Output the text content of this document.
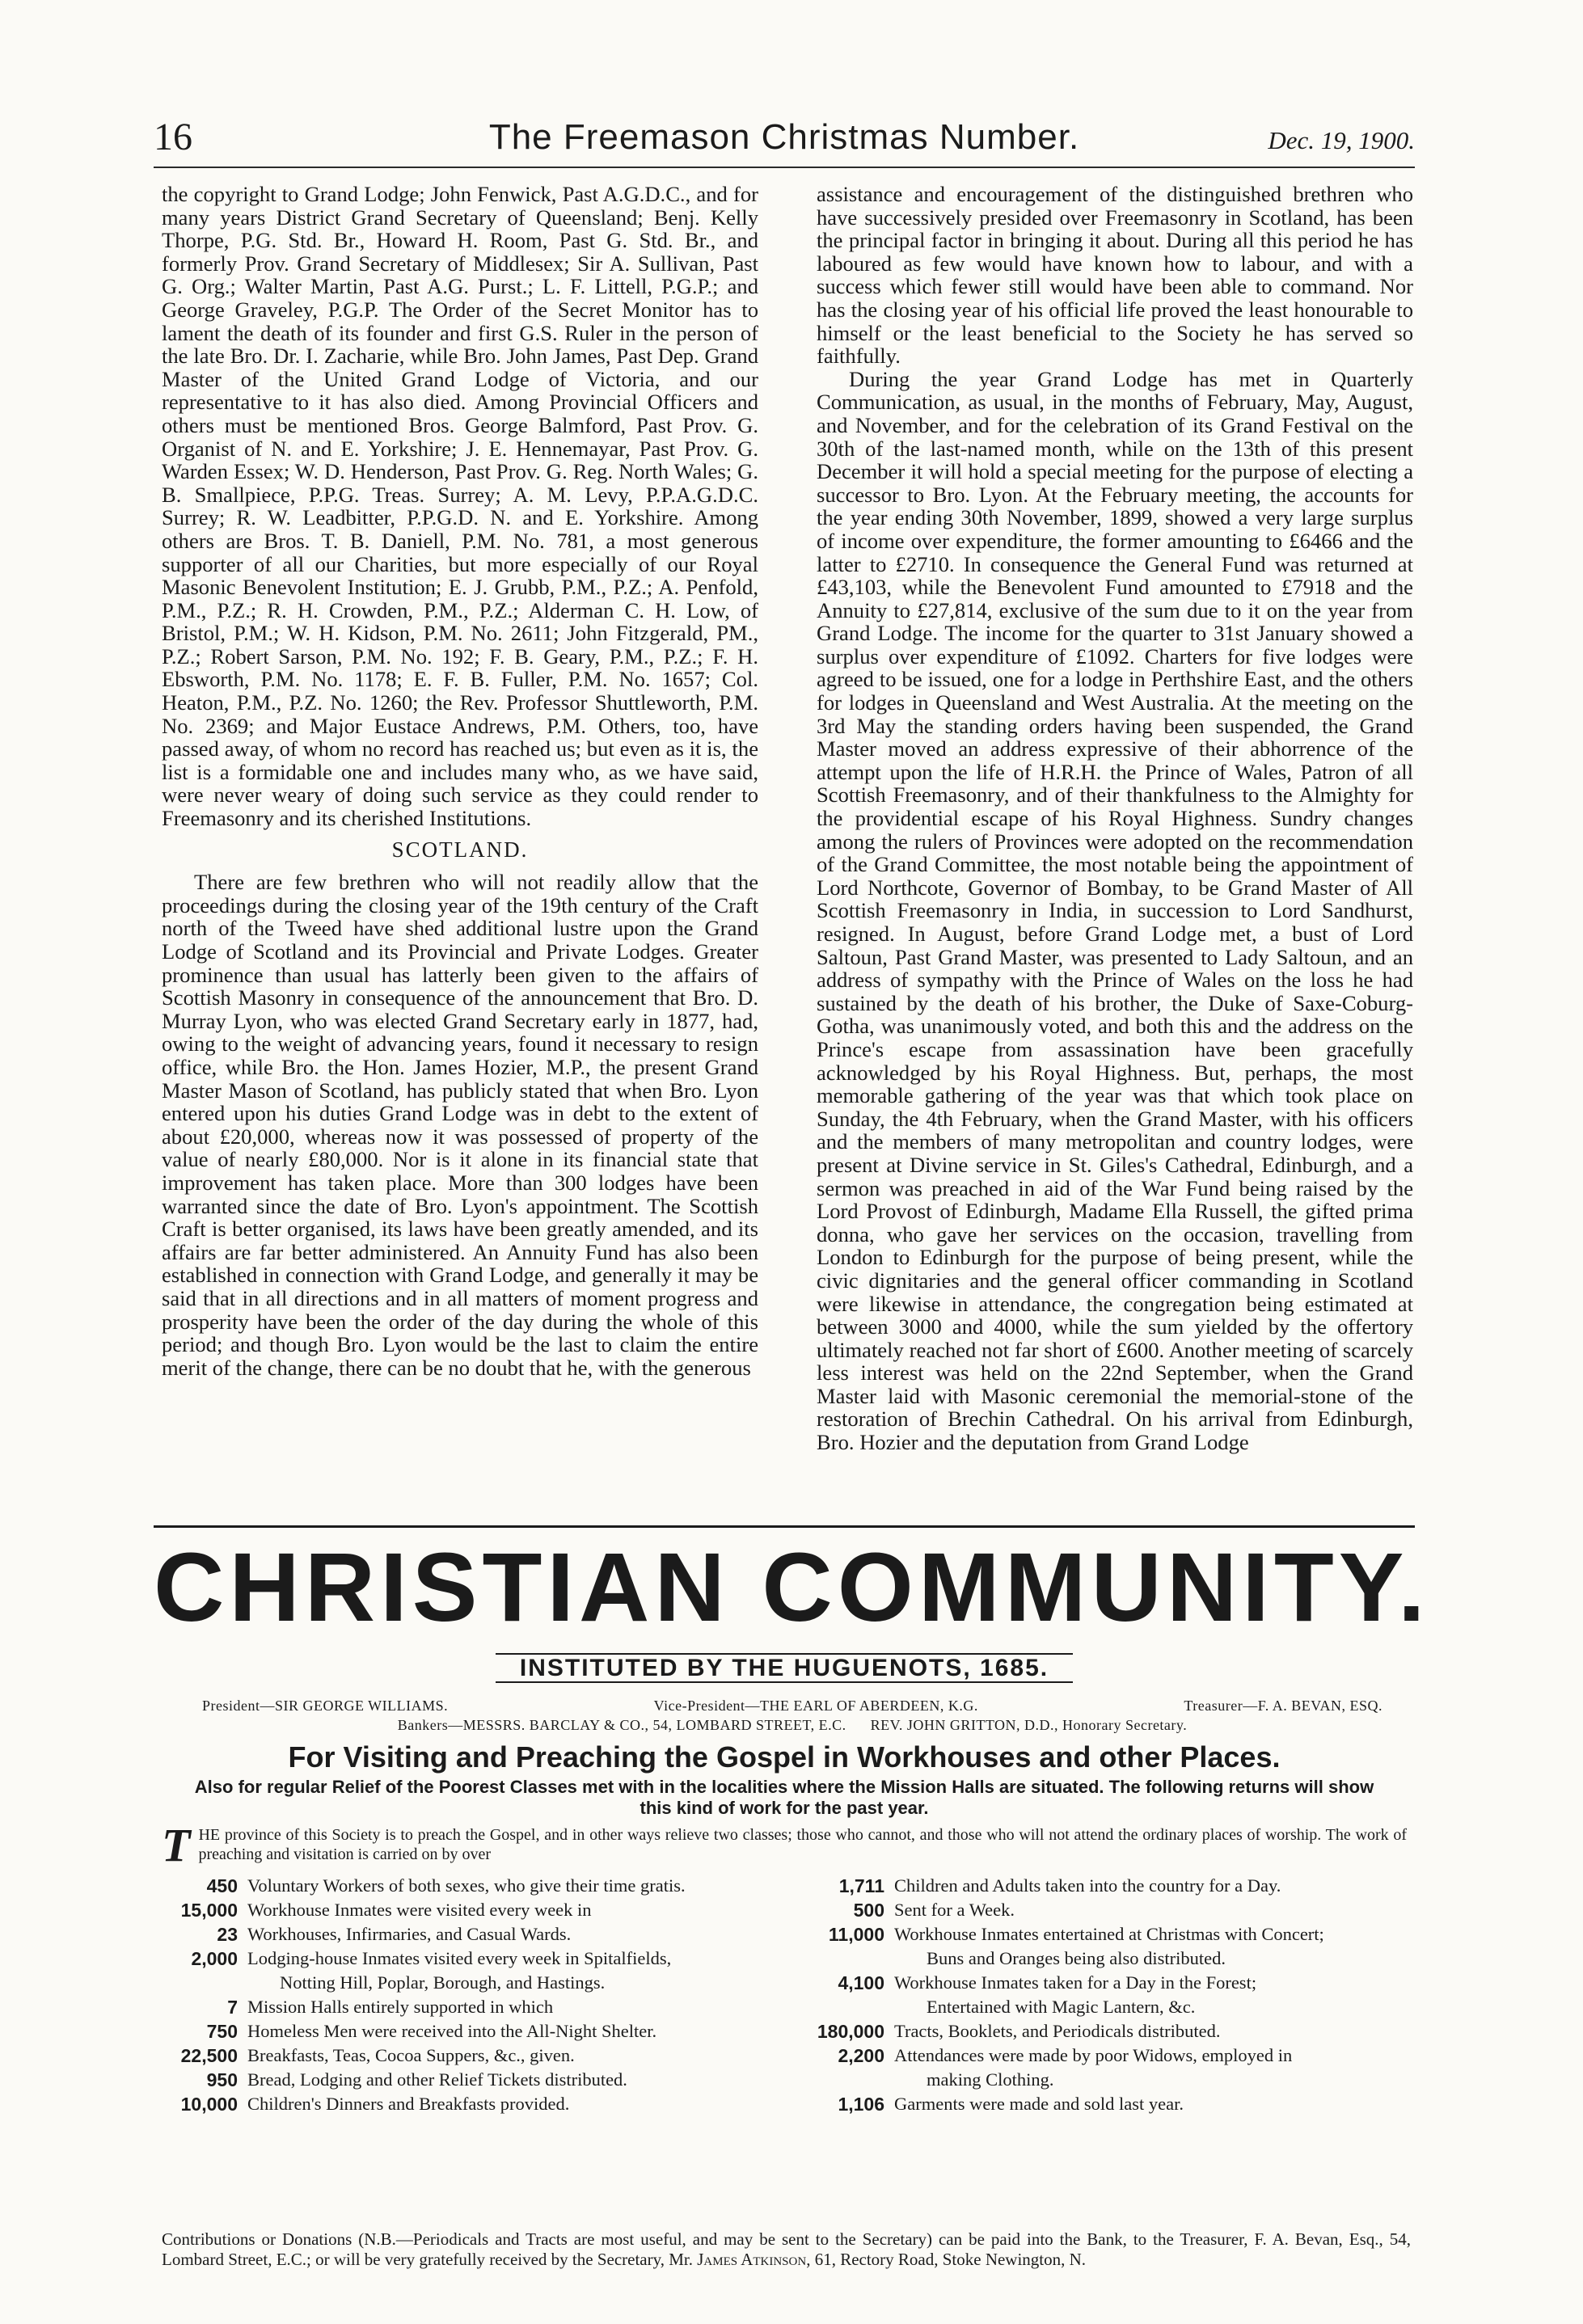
16	The Freemason Christmas Number.	Dec. 19, 1900.

the copyright to Grand Lodge; John Fenwick, Past A.G.D.C., and for many years District Grand Secretary of Queensland; Benj. Kelly Thorpe, P.G. Std. Br., Howard H. Room, Past G. Std. Br., and formerly Prov. Grand Secretary of Middlesex; Sir A. Sullivan, Past G. Org.; Walter Martin, Past A.G. Purst.; L. F. Littell, P.G.P.; and George Graveley, P.G.P. The Order of the Secret Monitor has to lament the death of its founder and first G.S. Ruler in the person of the late Bro. Dr. I. Zacharie, while Bro. John James, Past Dep. Grand Master of the United Grand Lodge of Victoria, and our representative to it has also died. Among Provincial Officers and others must be mentioned Bros. George Balmford, Past Prov. G. Organist of N. and E. Yorkshire; J. E. Hennemayar, Past Prov. G. Warden Essex; W. D. Henderson, Past Prov. G. Reg. North Wales; G. B. Smallpiece, P.P.G. Treas. Surrey; A. M. Levy, P.P.A.G.D.C. Surrey; R. W. Leadbitter, P.P.G.D. N. and E. Yorkshire. Among others are Bros. T. B. Daniell, P.M. No. 781, a most generous supporter of all our Charities, but more especially of our Royal Masonic Benevolent Institution; E. J. Grubb, P.M., P.Z.; A. Penfold, P.M., P.Z.; R. H. Crowden, P.M., P.Z.; Alderman C. H. Low, of Bristol, P.M.; W. H. Kidson, P.M. No. 2611; John Fitzgerald, PM., P.Z.; Robert Sarson, P.M. No. 192; F. B. Geary, P.M., P.Z.; F. H. Ebsworth, P.M. No. 1178; E. F. B. Fuller, P.M. No. 1657; Col. Heaton, P.M., P.Z. No. 1260; the Rev. Professor Shuttleworth, P.M. No. 2369; and Major Eustace Andrews, P.M. Others, too, have passed away, of whom no record has reached us; but even as it is, the list is a formidable one and includes many who, as we have said, were never weary of doing such service as they could render to Freemasonry and its cherished Institutions.

SCOTLAND.

There are few brethren who will not readily allow that the proceedings during the closing year of the 19th century of the Craft north of the Tweed have shed additional lustre upon the Grand Lodge of Scotland and its Provincial and Private Lodges. Greater prominence than usual has latterly been given to the affairs of Scottish Masonry in consequence of the announcement that Bro. D. Murray Lyon, who was elected Grand Secretary early in 1877, had, owing to the weight of advancing years, found it necessary to resign office, while Bro. the Hon. James Hozier, M.P., the present Grand Master Mason of Scotland, has publicly stated that when Bro. Lyon entered upon his duties Grand Lodge was in debt to the extent of about £20,000, whereas now it was possessed of property of the value of nearly £80,000. Nor is it alone in its financial state that improvement has taken place. More than 300 lodges have been warranted since the date of Bro. Lyon's appointment. The Scottish Craft is better organised, its laws have been greatly amended, and its affairs are far better administered. An Annuity Fund has also been established in connection with Grand Lodge, and generally it may be said that in all directions and in all matters of moment progress and prosperity have been the order of the day during the whole of this period; and though Bro. Lyon would be the last to claim the entire merit of the change, there can be no doubt that he, with the generous

assistance and encouragement of the distinguished brethren who have successively presided over Freemasonry in Scotland, has been the principal factor in bringing it about. During all this period he has laboured as few would have known how to labour, and with a success which fewer still would have been able to command. Nor has the closing year of his official life proved the least honourable to himself or the least beneficial to the Society he has served so faithfully.

During the year Grand Lodge has met in Quarterly Communication, as usual, in the months of February, May, August, and November, and for the celebration of its Grand Festival on the 30th of the last-named month, while on the 13th of this present December it will hold a special meeting for the purpose of electing a successor to Bro. Lyon. At the February meeting, the accounts for the year ending 30th November, 1899, showed a very large surplus of income over expenditure, the former amounting to £6466 and the latter to £2710. In consequence the General Fund was returned at £43,103, while the Benevolent Fund amounted to £7918 and the Annuity to £27,814, exclusive of the sum due to it on the year from Grand Lodge. The income for the quarter to 31st January showed a surplus over expenditure of £1092. Charters for five lodges were agreed to be issued, one for a lodge in Perthshire East, and the others for lodges in Queensland and West Australia. At the meeting on the 3rd May the standing orders having been suspended, the Grand Master moved an address expressive of their abhorrence of the attempt upon the life of H.R.H. the Prince of Wales, Patron of all Scottish Freemasonry, and of their thankfulness to the Almighty for the providential escape of his Royal Highness. Sundry changes among the rulers of Provinces were adopted on the recommendation of the Grand Committee, the most notable being the appointment of Lord Northcote, Governor of Bombay, to be Grand Master of All Scottish Freemasonry in India, in succession to Lord Sandhurst, resigned. In August, before Grand Lodge met, a bust of Lord Saltoun, Past Grand Master, was presented to Lady Saltoun, and an address of sympathy with the Prince of Wales on the loss he had sustained by the death of his brother, the Duke of Saxe-Coburg-Gotha, was unanimously voted, and both this and the address on the Prince's escape from assassination have been gracefully acknowledged by his Royal Highness. But, perhaps, the most memorable gathering of the year was that which took place on Sunday, the 4th February, when the Grand Master, with his officers and the members of many metropolitan and country lodges, were present at Divine service in St. Giles's Cathedral, Edinburgh, and a sermon was preached in aid of the War Fund being raised by the Lord Provost of Edinburgh, Madame Ella Russell, the gifted prima donna, who gave her services on the occasion, travelling from London to Edinburgh for the purpose of being present, while the civic dignitaries and the general officer commanding in Scotland were likewise in attendance, the congregation being estimated at between 3000 and 4000, while the sum yielded by the offertory ultimately reached not far short of £600. Another meeting of scarcely less interest was held on the 22nd September, when the Grand Master laid with Masonic ceremonial the memorial-stone of the restoration of Brechin Cathedral. On his arrival from Edinburgh, Bro. Hozier and the deputation from Grand Lodge

CHRISTIAN COMMUNITY.
INSTITUTED BY THE HUGUENOTS, 1685.
President—SIR GEORGE WILLIAMS.	Vice-President—THE EARL OF ABERDEEN, K.G.	Treasurer—F. A. BEVAN, ESQ.
Bankers—MESSRS. BARCLAY & CO., 54, LOMBARD STREET, E.C. REV. JOHN GRITTON, D.D., Honorary Secretary.
For Visiting and Preaching the Gospel in Workhouses and other Places.
Also for regular Relief of the Poorest Classes met with in the localities where the Mission Halls are situated. The following returns will show this kind of work for the past year.
THE province of this Society is to preach the Gospel, and in other ways relieve two classes; those who cannot, and those who will not attend the ordinary places of worship. The work of preaching and visitation is carried on by over
450 Voluntary Workers of both sexes, who give their time gratis.
15,000 Workhouse Inmates were visited every week in
23 Workhouses, Infirmaries, and Casual Wards.
2,000 Lodging-house Inmates visited every week in Spitalfields,
Notting Hill, Poplar, Borough, and Hastings.
7 Mission Halls entirely supported in which
750 Homeless Men were received into the All-Night Shelter.
22,500 Breakfasts, Teas, Cocoa Suppers, &c., given.
950 Bread, Lodging and other Relief Tickets distributed.
10,000 Children's Dinners and Breakfasts provided.
1,711 Children and Adults taken into the country for a Day.
500 Sent for a Week.
11,000 Workhouse Inmates entertained at Christmas with Concert;
Buns and Oranges being also distributed.
4,100 Workhouse Inmates taken for a Day in the Forest;
Entertained with Magic Lantern, &c.
180,000 Tracts, Booklets, and Periodicals distributed.
2,200 Attendances were made by poor Widows, employed in
making Clothing.
1,106 Garments were made and sold last year.
Contributions or Donations (N.B.—Periodicals and Tracts are most useful, and may be sent to the Secretary) can be paid into the Bank, to the Treasurer, F. A. Bevan, Esq., 54, Lombard Street, E.C.; or will be very gratefully received by the Secretary, Mr. James Atkinson, 61, Rectory Road, Stoke Newington, N.
